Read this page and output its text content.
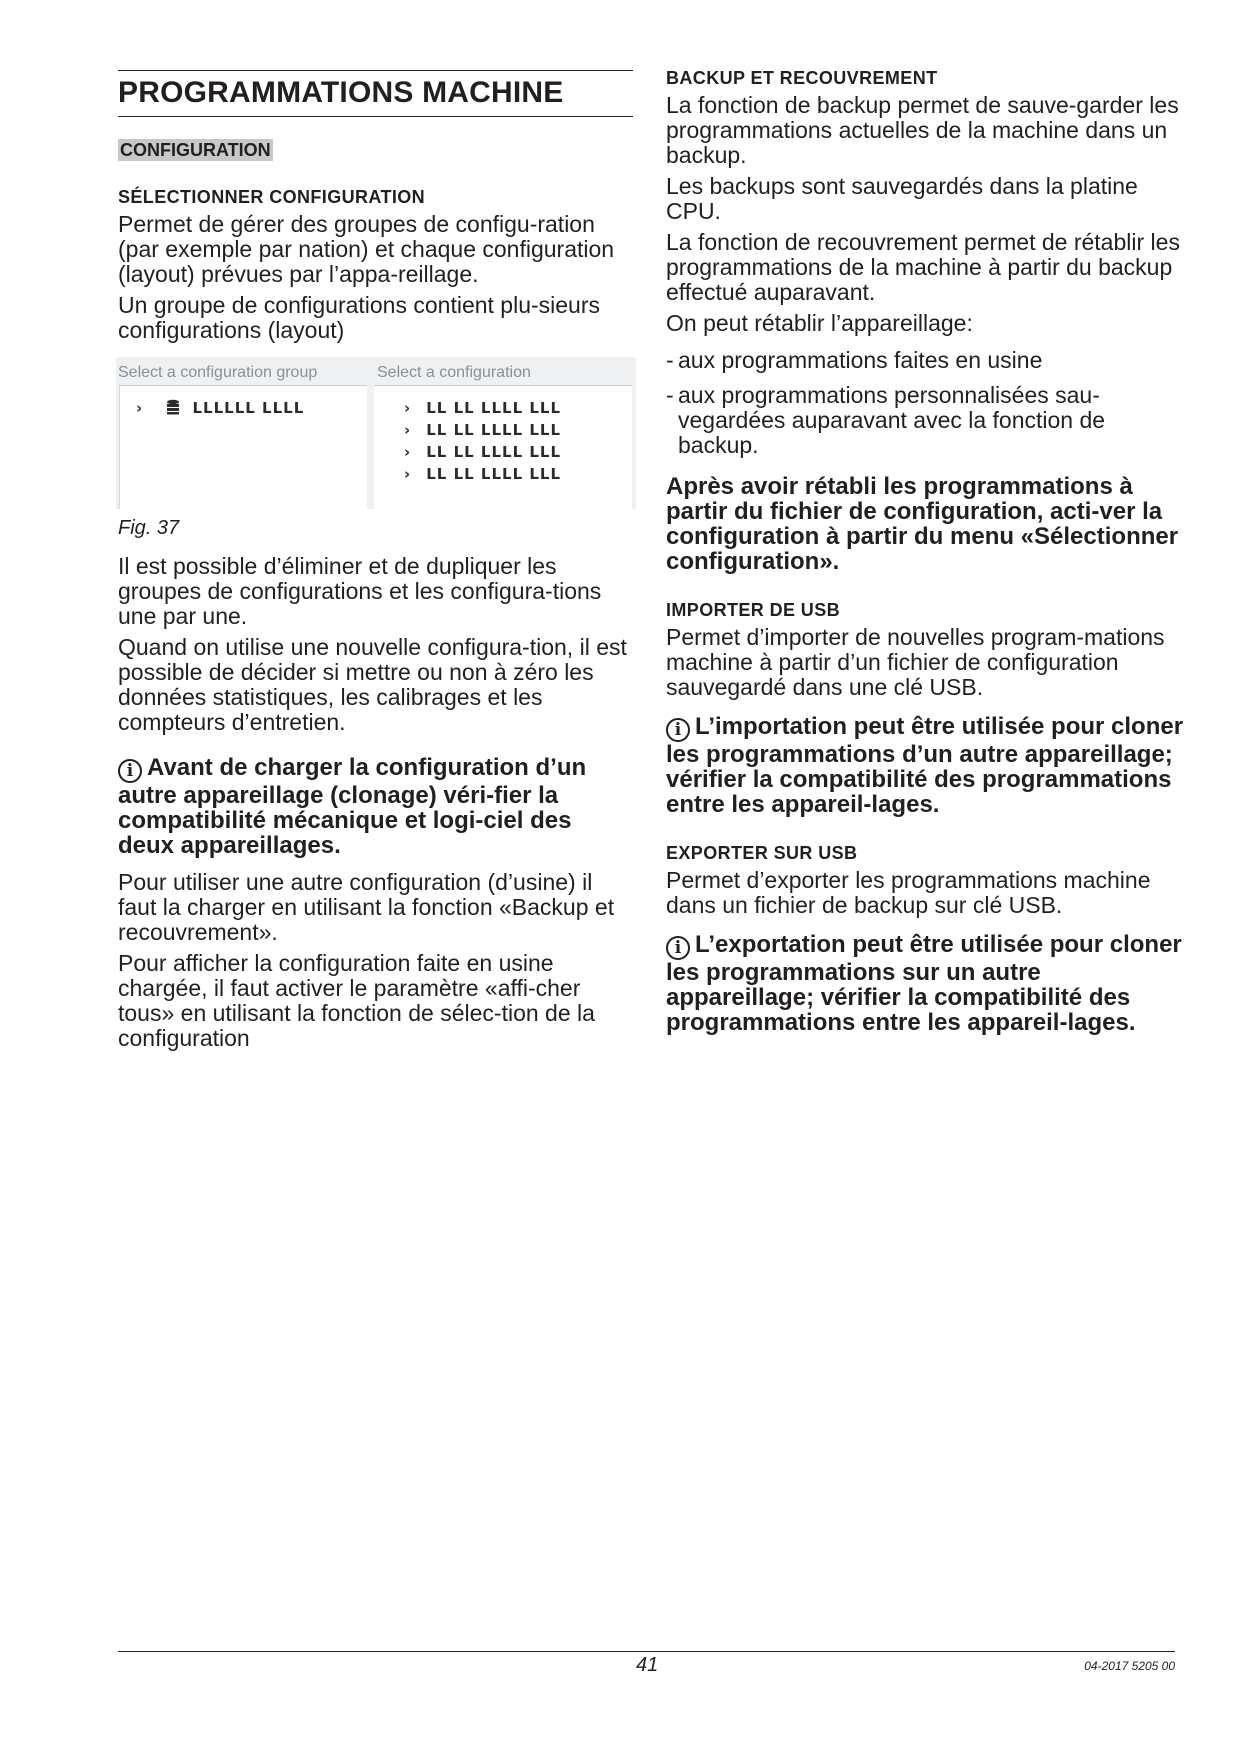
PROGRAMMATIONS MACHINE
CONFIGURATION
SÉLECTIONNER CONFIGURATION

Permet de gérer des groupes de configu-ration (par exemple par nation) et chaque configuration (layout) prévues par l’appa-reillage.

Un groupe de configurations contient plu-sieurs configurations (layout)

Select a configuration group	Select a configuration
›	LLLLLL LLLL	› LL LL LLLL LLL
› LL LL LLLL LLL
› LL LL LLLL LLL
› LL LL LLLL LLL
Fig. 37

Il est possible d’éliminer et de dupliquer les groupes de configurations et les configura-tions une par une.

Quand on utilise une nouvelle configura-tion, il est possible de décider si mettre ou non à zéro les données statistiques, les calibrages et les compteurs d’entretien.

i Avant de charger la configuration d’un autre appareillage (clonage) véri-fier la compatibilité mécanique et logi-ciel des deux appareillages.

Pour utiliser une autre configuration (d’usine) il faut la charger en utilisant la fonction «Backup et recouvrement».

Pour afficher la configuration faite en usine chargée, il faut activer le paramètre «affi-cher tous» en utilisant la fonction de sélec-tion de la configuration

BACKUP ET RECOUVREMENT

La fonction de backup permet de sauve-garder les programmations actuelles de la machine dans un backup.

Les backups sont sauvegardés dans la platine CPU.

La fonction de recouvrement permet de rétablir les programmations de la machine à partir du backup effectué auparavant.

On peut rétablir l’appareillage:

- aux programmations faites en usine
- aux programmations personnalisées sau-vegardées auparavant avec la fonction de backup.

Après avoir rétabli les programmations à partir du fichier de configuration, acti-ver la configuration à partir du menu «Sélectionner configuration».

IMPORTER DE USB

Permet d’importer de nouvelles program-mations machine à partir d’un fichier de configuration sauvegardé dans une clé USB.

i L’importation peut être utilisée pour cloner les programmations d’un autre appareillage; vérifier la compatibilité des programmations entre les appareil-lages.

EXPORTER SUR USB

Permet d’exporter les programmations machine dans un fichier de backup sur clé USB.

i L’exportation peut être utilisée pour cloner les programmations sur un autre appareillage; vérifier la compatibilité des programmations entre les appareil-lages.

41	04-2017 5205 00
